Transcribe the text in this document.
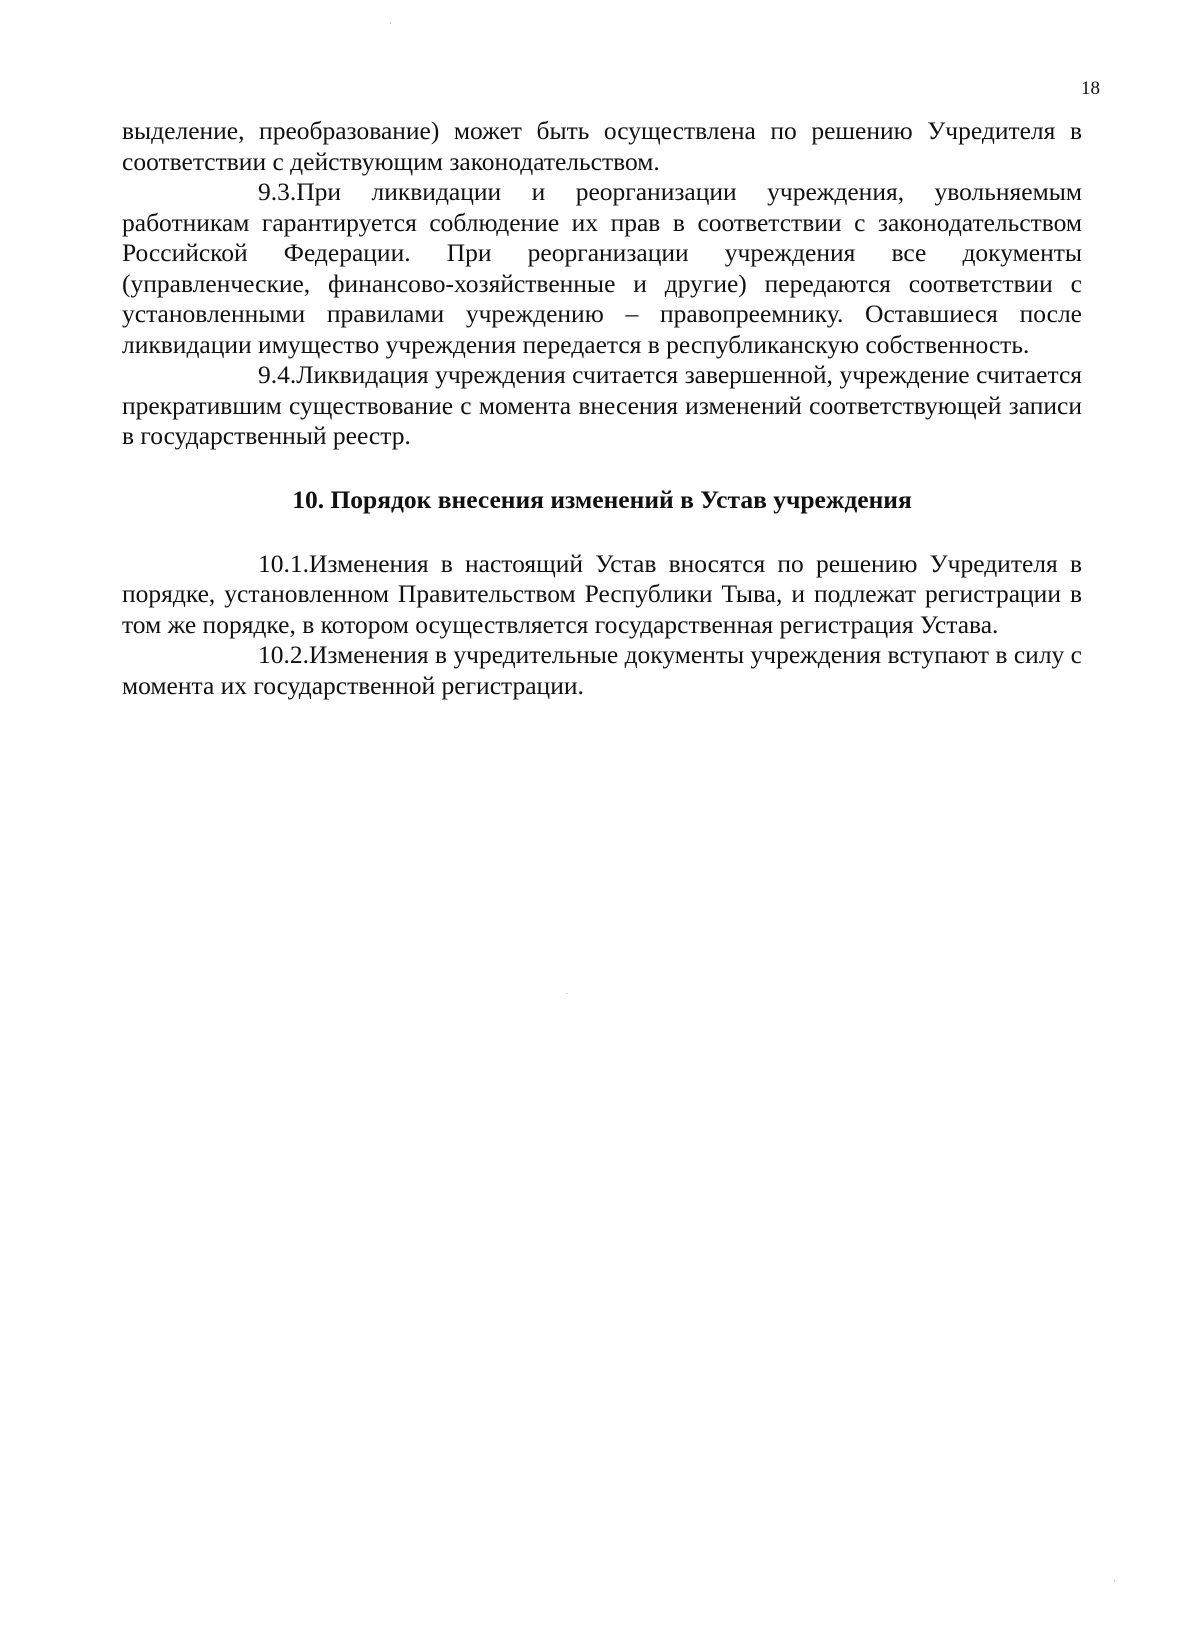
18

выделение, преобразование) может быть осуществлена по решению Учредителя в соответствии с действующим законодательством.

9.3.При ликвидации и реорганизации учреждения, увольняемым работникам гарантируется соблюдение их прав в соответствии с законодательством Российской Федерации. При реорганизации учреждения все документы (управленческие, финансово-хозяйственные и другие) передаются соответствии с установленными правилами учреждению – правопреемнику. Оставшиеся после ликвидации имущество учреждения передается в республиканскую собственность.

9.4.Ликвидация учреждения считается завершенной, учреждение считается прекратившим существование с момента внесения изменений соответствующей записи в государственный реестр.

10. Порядок внесения изменений в Устав учреждения

10.1.Изменения в настоящий Устав вносятся по решению Учредителя в порядке, установленном Правительством Республики Тыва, и подлежат регистрации в том же порядке, в котором осуществляется государственная регистрация Устава.

10.2.Изменения в учредительные документы учреждения вступают в силу с момента их государственной регистрации.
